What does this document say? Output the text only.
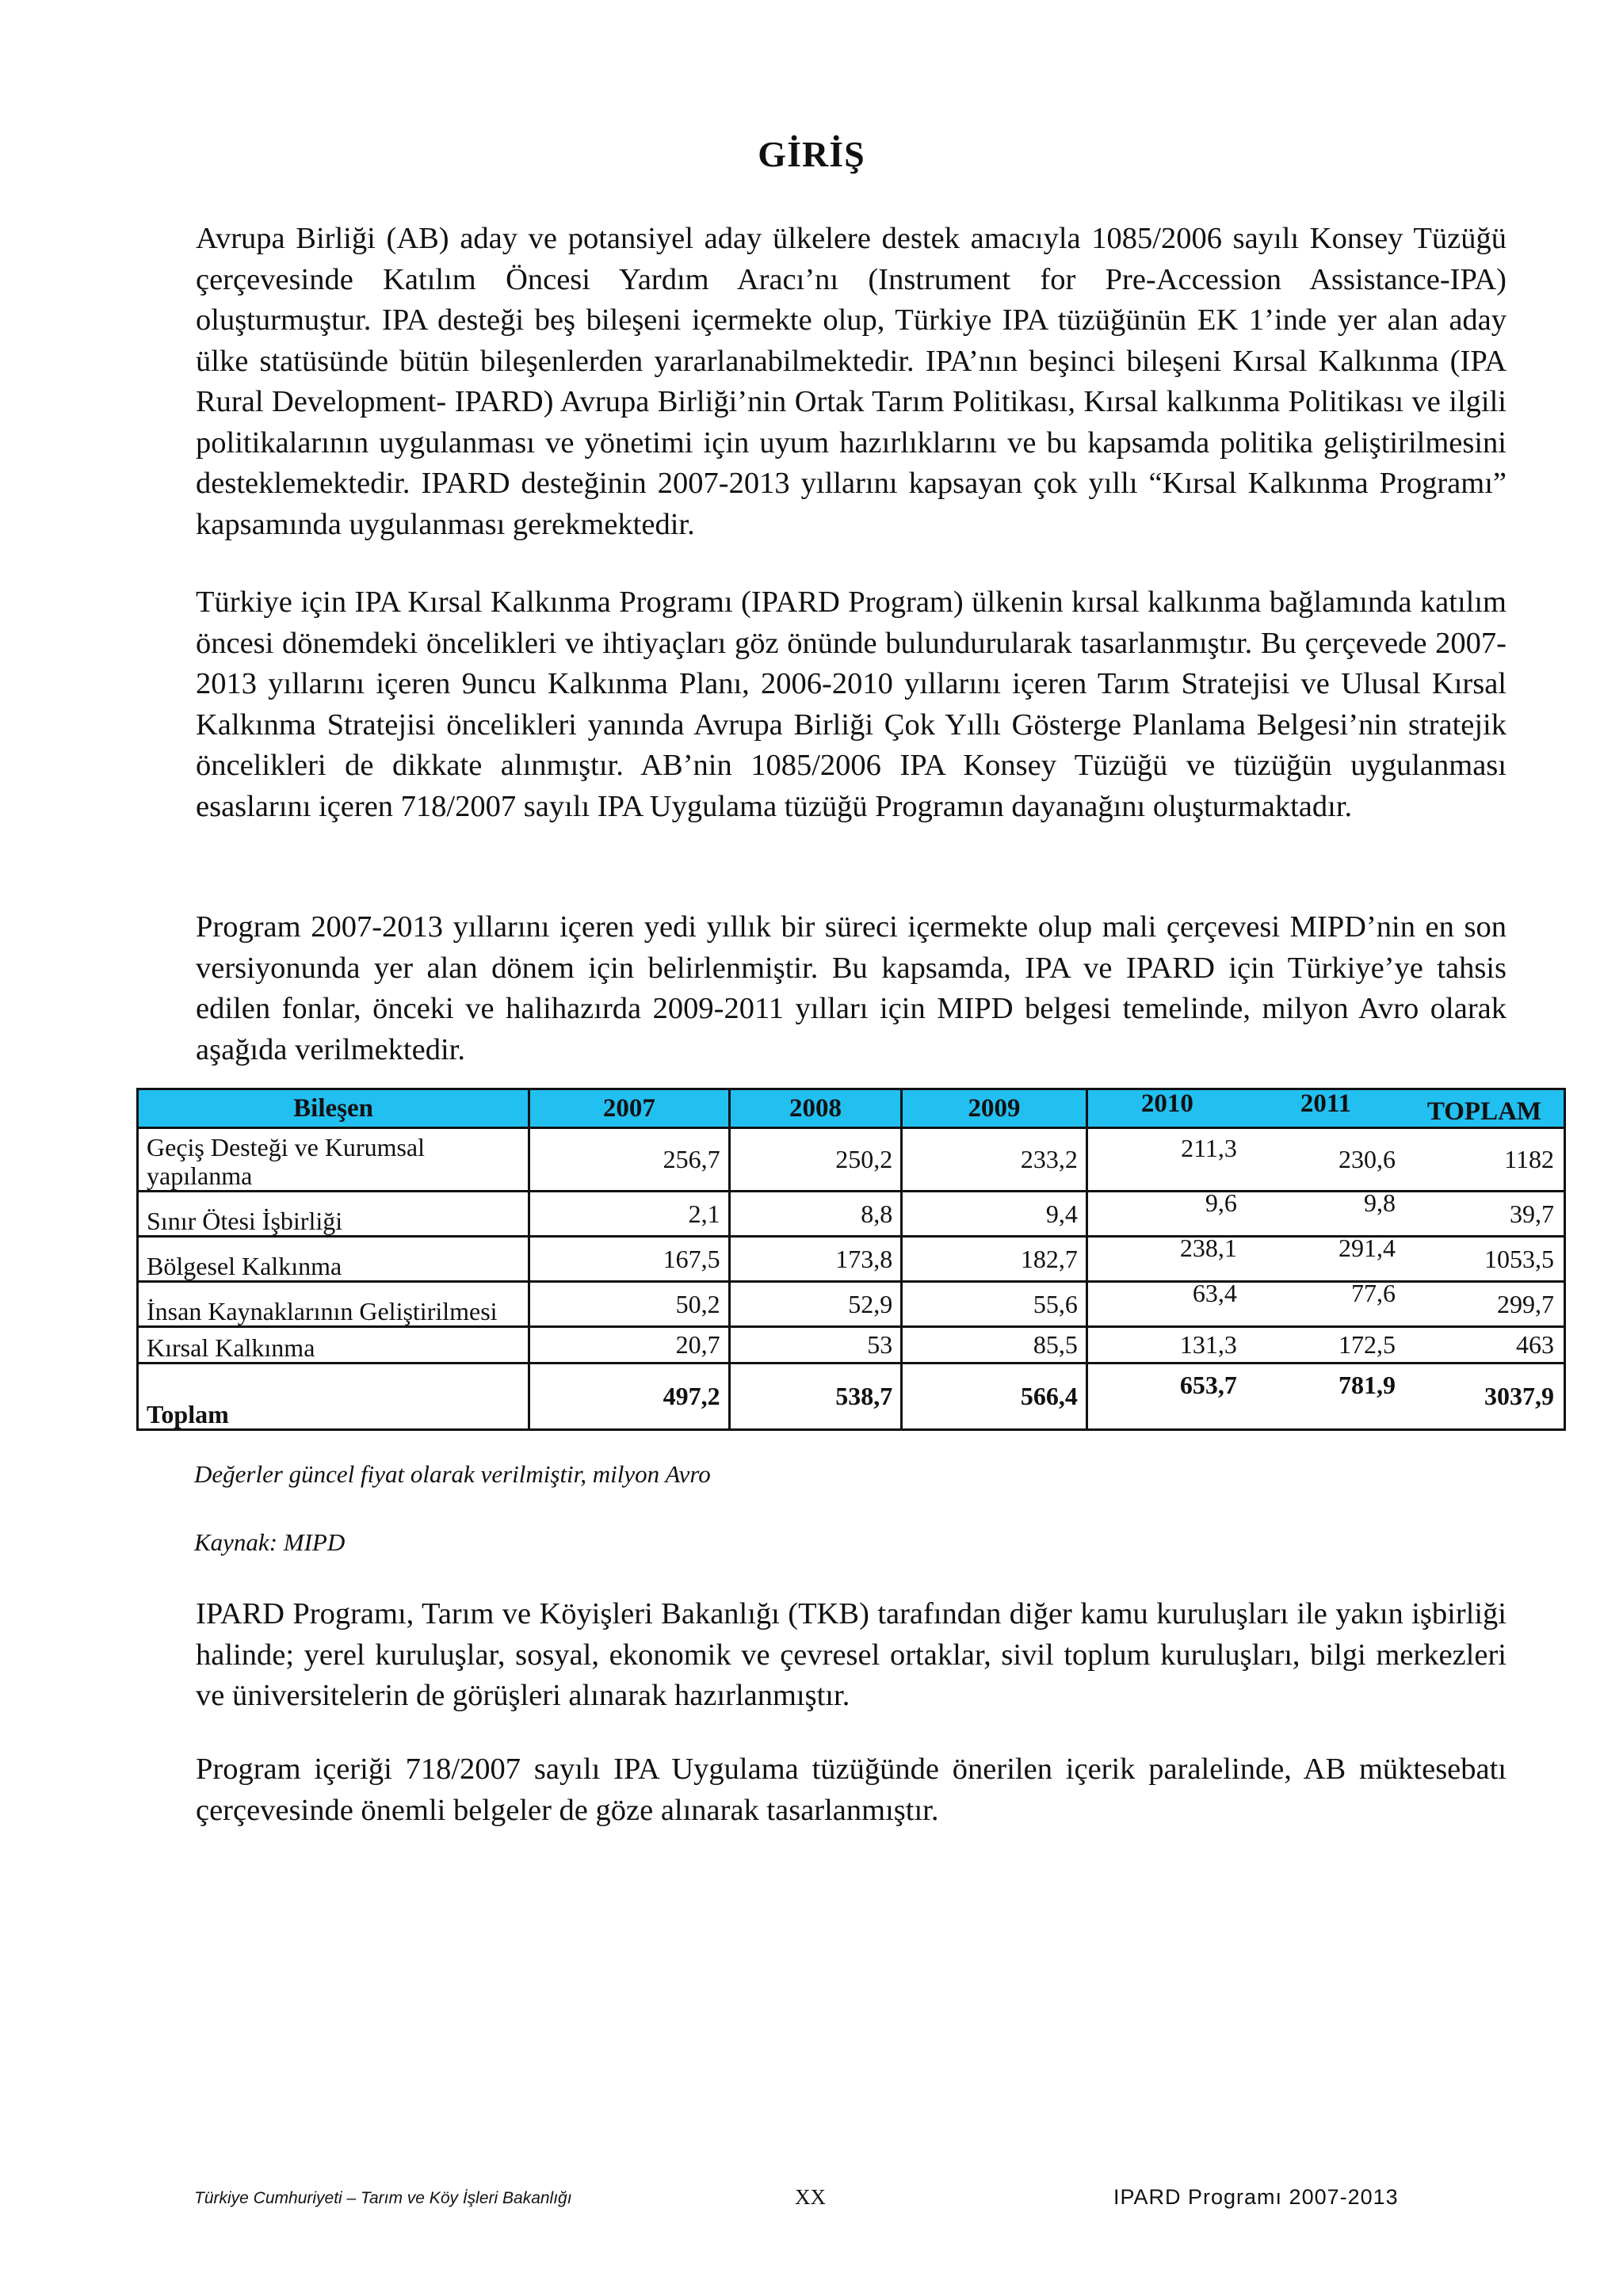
GİRİŞ

Avrupa Birliği (AB) aday ve potansiyel aday ülkelere destek amacıyla 1085/2006 sayılı Konsey Tüzüğü çerçevesinde Katılım Öncesi Yardım Aracı’nı (Instrument for Pre-Accession Assistance-IPA) oluşturmuştur. IPA desteği beş bileşeni içermekte olup, Türkiye IPA tüzüğünün EK 1’inde yer alan aday ülke statüsünde bütün bileşenlerden yararlanabilmektedir. IPA’nın beşinci bileşeni Kırsal Kalkınma (IPA Rural Development- IPARD) Avrupa Birliği’nin Ortak Tarım Politikası, Kırsal kalkınma Politikası ve ilgili politikalarının uygulanması ve yönetimi için uyum hazırlıklarını ve bu kapsamda politika geliştirilmesini desteklemektedir. IPARD desteğinin 2007-2013 yıllarını kapsayan çok yıllı “Kırsal Kalkınma Programı” kapsamında uygulanması gerekmektedir.

Türkiye için IPA Kırsal Kalkınma Programı (IPARD Program) ülkenin kırsal kalkınma bağlamında katılım öncesi dönemdeki öncelikleri ve ihtiyaçları göz önünde bulundurularak tasarlanmıştır. Bu çerçevede 2007-2013 yıllarını içeren 9uncu Kalkınma Planı, 2006-2010 yıllarını içeren Tarım Stratejisi ve Ulusal Kırsal Kalkınma Stratejisi öncelikleri yanında Avrupa Birliği Çok Yıllı Gösterge Planlama Belgesi’nin stratejik öncelikleri de dikkate alınmıştır. AB’nin 1085/2006 IPA Konsey Tüzüğü ve tüzüğün uygulanması esaslarını içeren 718/2007 sayılı IPA Uygulama tüzüğü Programın dayanağını oluşturmaktadır.

Program 2007-2013 yıllarını içeren yedi yıllık bir süreci içermekte olup mali çerçevesi MIPD’nin en son versiyonunda yer alan dönem için belirlenmiştir. Bu kapsamda, IPA ve IPARD için Türkiye’ye tahsis edilen fonlar, önceki ve halihazırda 2009-2011 yılları için MIPD belgesi temelinde, milyon Avro olarak aşağıda verilmektedir.

Bileşen	2007	2008	2009	2010 2011 TOPLAM

Geçiş Desteği ve Kurumsal yapılanma	256,7	250,2	233,2	211,3 230,6 1182

Sınır Ötesi İşbirliği	2,1	8,8	9,4	9,6 9,8 39,7

Bölgesel Kalkınma	167,5	173,8	182,7	238,1 291,4 1053,5

İnsan Kaynaklarının Geliştirilmesi	50,2	52,9	55,6	63,4 77,6 299,7

Kırsal Kalkınma	20,7	53	85,5	131,3 172,5 463

Toplam	497,2	538,7	566,4	653,7 781,9 3037,9
Değerler güncel fiyat olarak verilmiştir, milyon Avro
Kaynak: MIPD

IPARD Programı, Tarım ve Köyişleri Bakanlığı (TKB) tarafından diğer kamu kuruluşları ile yakın işbirliği halinde; yerel kuruluşlar, sosyal, ekonomik ve çevresel ortaklar, sivil toplum kuruluşları, bilgi merkezleri ve üniversitelerin de görüşleri alınarak hazırlanmıştır.

Program içeriği 718/2007 sayılı IPA Uygulama tüzüğünde önerilen içerik paralelinde, AB müktesebatı çerçevesinde önemli belgeler de göze alınarak tasarlanmıştır.

Türkiye Cumhuriyeti – Tarım ve Köy İşleri Bakanlığı	XX	IPARD Programı 2007-2013
